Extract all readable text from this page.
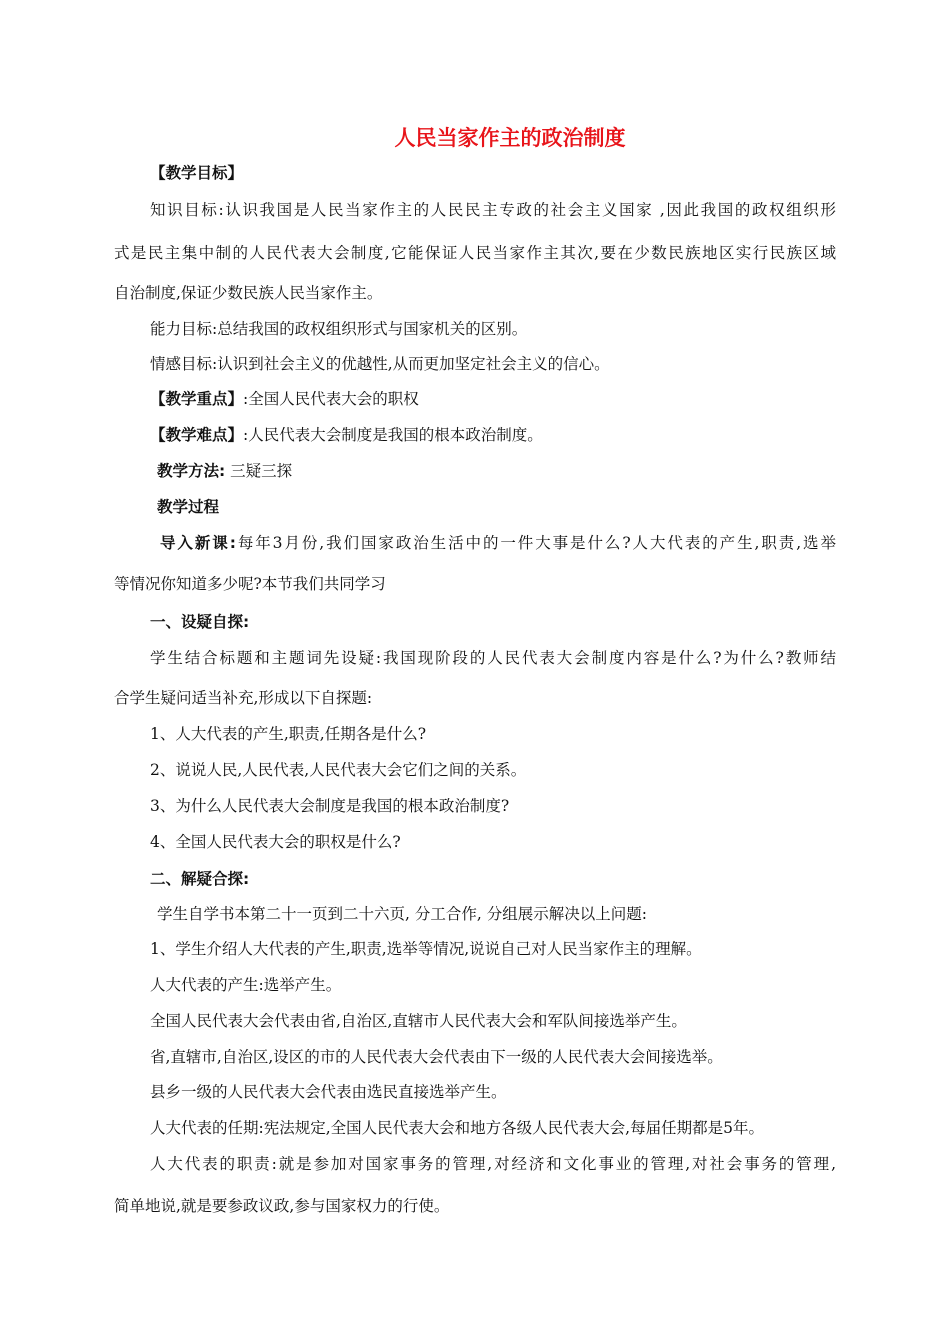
人民当家作主的政治制度
【教学目标】
知识目标:认识我国是人民当家作主的人民民主专政的社会主义国家 ,因此我国的政权组织形
式是民主集中制的人民代表大会制度,它能保证人民当家作主其次,要在少数民族地区实行民族区域
自治制度,保证少数民族人民当家作主。
能力目标:总结我国的政权组织形式与国家机关的区别。
情感目标:认识到社会主义的优越性,从而更加坚定社会主义的信心。
【教学重点】:全国人民代表大会的职权
【教学难点】:人民代表大会制度是我国的根本政治制度。
教学方法: 三疑三探
教学过程
导入新课:每年3月份,我们国家政治生活中的一件大事是什么?人大代表的产生,职责,选举
等情况你知道多少呢?本节我们共同学习
一、设疑自探:
学生结合标题和主题词先设疑:我国现阶段的人民代表大会制度内容是什么?为什么?教师结
合学生疑问适当补充,形成以下自探题:
1、人大代表的产生,职责,任期各是什么?
2、说说人民,人民代表,人民代表大会它们之间的关系。
3、为什么人民代表大会制度是我国的根本政治制度?
4、全国人民代表大会的职权是什么?
二、解疑合探:
学生自学书本第二十一页到二十六页, 分工合作, 分组展示解决以上问题:
1、学生介绍人大代表的产生,职责,选举等情况,说说自己对人民当家作主的理解。
人大代表的产生:选举产生。
全国人民代表大会代表由省,自治区,直辖市人民代表大会和军队间接选举产生。
省,直辖市,自治区,设区的市的人民代表大会代表由下一级的人民代表大会间接选举。
县乡一级的人民代表大会代表由选民直接选举产生。
人大代表的任期:宪法规定,全国人民代表大会和地方各级人民代表大会,每届任期都是5年。
人大代表的职责:就是参加对国家事务的管理,对经济和文化事业的管理,对社会事务的管理,
简单地说,就是要参政议政,参与国家权力的行使。
